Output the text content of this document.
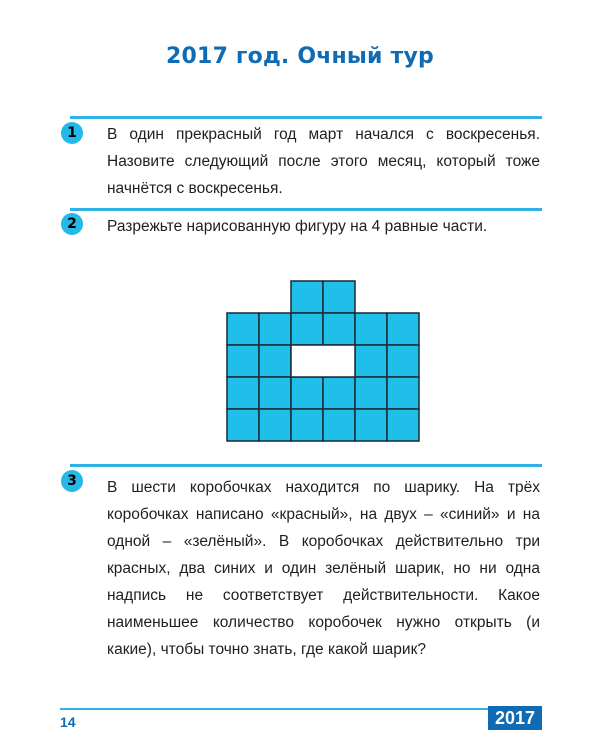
2017 год. Очный тур
1	В один прекрасный год март начался с воскресенья. Назовите следующий после этого месяц, который тоже начнётся с воскресенья.
2	Разрежьте нарисованную фигуру на 4 равные части.
3	В шести коробочках находится по шарику. На трёх коробочках написано «красный», на двух – «синий» и на одной – «зелёный». В коробочках действительно три красных, два синих и один зелёный шарик, но ни одна надпись не соответствует действительности. Какое наименьшее количество коробочек нужно открыть (и какие), чтобы точно знать, где какой шарик?
14	2017
